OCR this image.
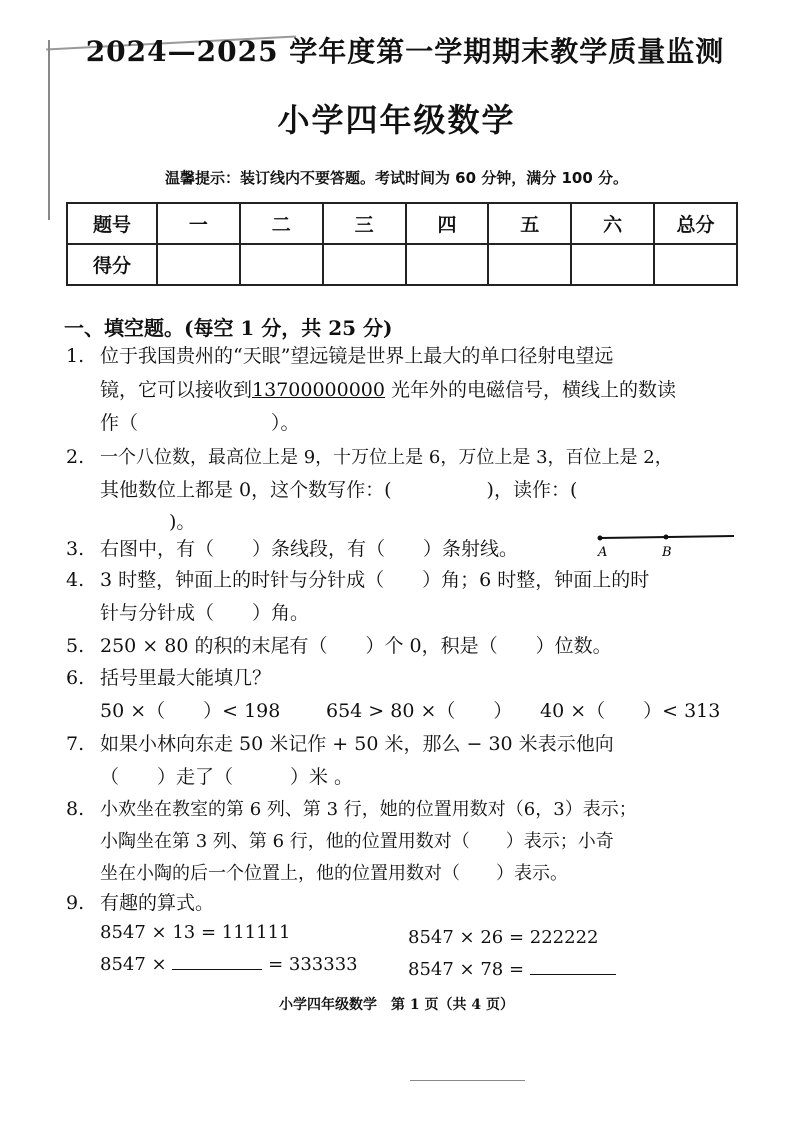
2024—2025 学年度第一学期期末教学质量监测
小学四年级数学
温馨提示：装订线内不要答题。考试时间为 60 分钟，满分 100 分。
题号	一	二	三	四	五	六	总分
得分							
一、填空题。(每空 1 分，共 25 分)
1. 位于我国贵州的“天眼”望远镜是世界上最大的单口径射电望远
镜，它可以接收到13700000000 光年外的电磁信号，横线上的数读
作（　　　　　　　）。
2. 一个八位数，最高位上是 9，十万位上是 6，万位上是 3，百位上是 2，
其他数位上都是 0，这个数写作：(　　　　　)，读作：(
　)。
3. 右图中，有（　　）条线段，有（　　）条射线。	A	B
4. 3 时整，钟面上的时针与分针成（　　）角；6 时整，钟面上的时
针与分针成（　　）角。
5. 250 × 80 的积的末尾有（　　）个 0，积是（　　）位数。
6. 括号里最大能填几？
50 ×（　　）< 198 654 > 80 ×（　　） 40 ×（　　）< 313
7. 如果小林向东走 50 米记作 + 50 米，那么 − 30 米表示他向
（　　）走了（　　　）米 。
8. 小欢坐在教室的第 6 列、第 3 行，她的位置用数对（6，3）表示；
小陶坐在第 3 列、第 6 行，他的位置用数对（　　）表示；小奇
坐在小陶的后一个位置上，他的位置用数对（　　）表示。
9. 有趣的算式。
8547 × 13 = 111111	8547 × 26 = 222222
8547 ×	= 333333	8547 × 78 =
小学四年级数学　第 1 页（共 4 页）
